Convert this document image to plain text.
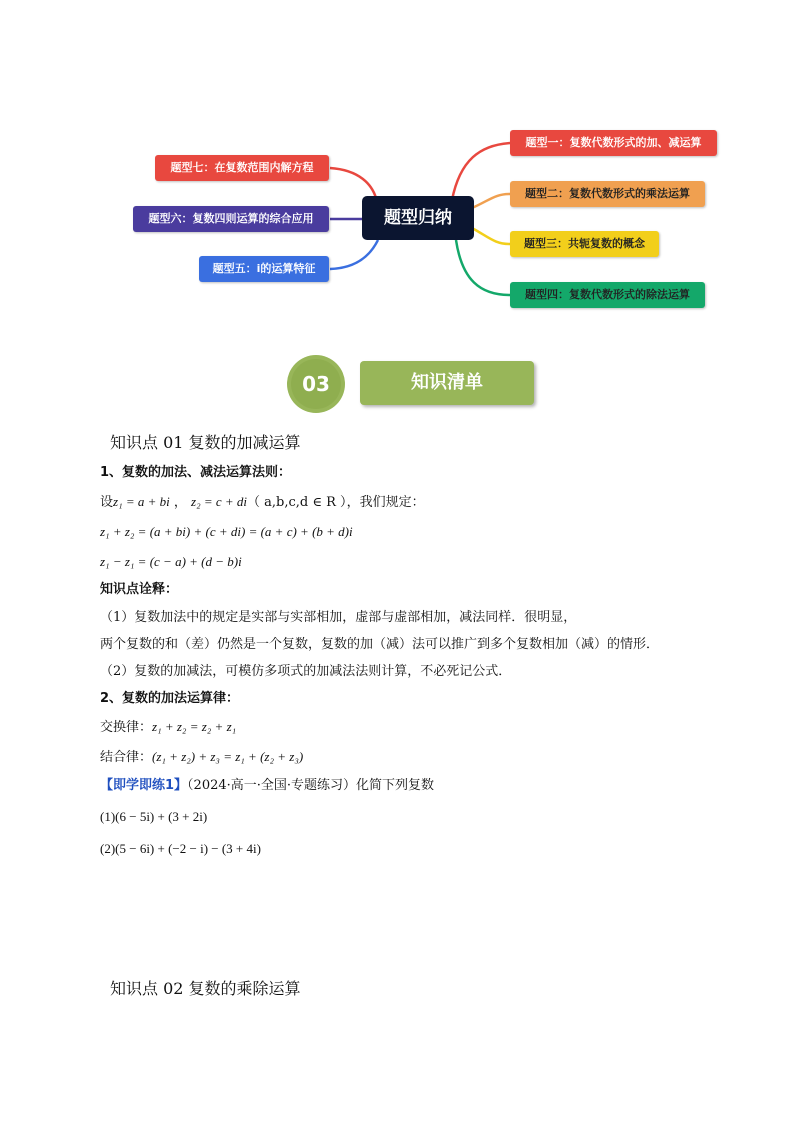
题型归纳
题型一：复数代数形式的加、减运算
题型二：复数代数形式的乘法运算
题型三：共轭复数的概念
题型四：复数代数形式的除法运算
题型七：在复数范围内解方程
题型六：复数四则运算的综合应用
题型五：i的运算特征
03	知识清单
知识点 01 复数的加减运算
1、复数的加法、减法运算法则：
设z₁ = a + bi ， z₂ = c + di（ a,b,c,d ∈ R ），我们规定：
z₁ + z₂ = (a + bi) + (c + di) = (a + c) + (b + d)i
z₁ − z₁ = (c − a) + (d − b)i
知识点诠释：
（1）复数加法中的规定是实部与实部相加，虚部与虚部相加，减法同样．很明显，
两个复数的和（差）仍然是一个复数，复数的加（减）法可以推广到多个复数相加（减）的情形．
（2）复数的加减法，可模仿多项式的加减法法则计算，不必死记公式．
2、复数的加法运算律：
交换律：z₁ + z₂ = z₂ + z₁
结合律：(z₁ + z₂) + z₃ = z₁ + (z₂ + z₃)
【即学即练1】（2024·高一·全国·专题练习）化简下列复数
(1)(6 − 5i) + (3 + 2i)
(2)(5 − 6i) + (−2 − i) − (3 + 4i)
知识点 02 复数的乘除运算
